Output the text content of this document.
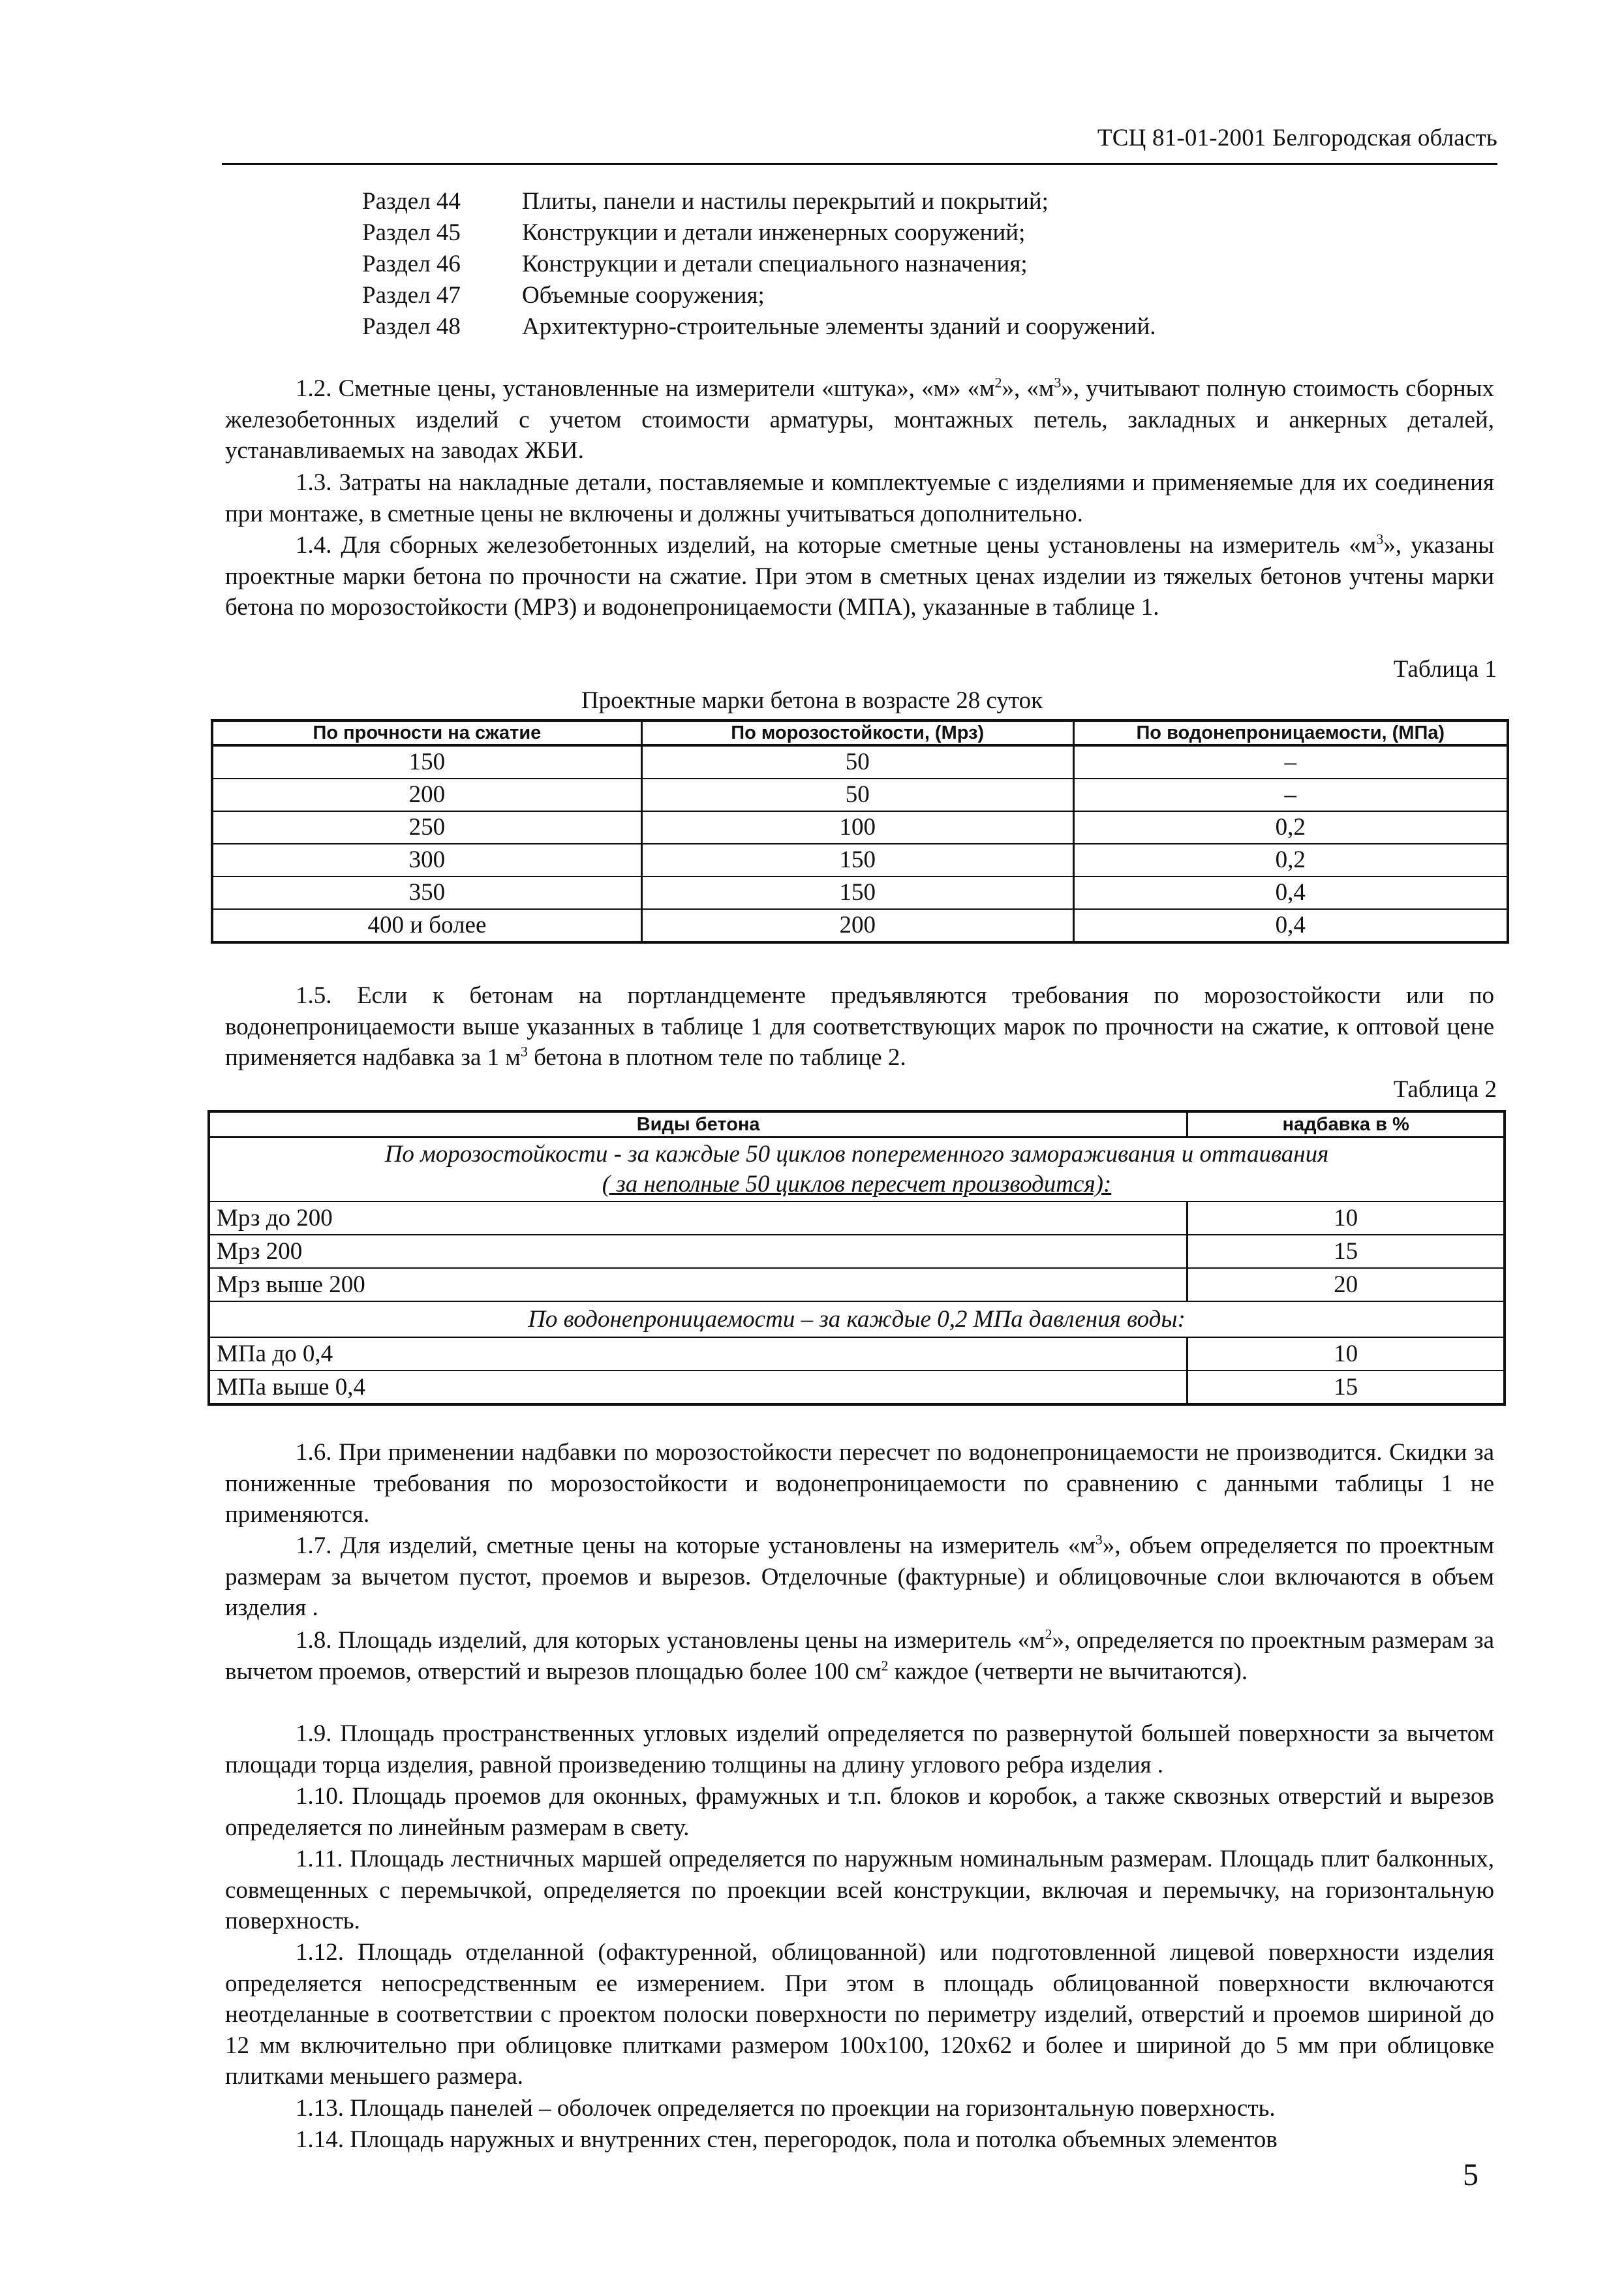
ТСЦ 81-01-2001 Белгородская область
Раздел 44	Плиты, панели и настилы перекрытий и покрытий;
Раздел 45	Конструкции и детали инженерных сооружений;
Раздел 46	Конструкции и детали специального назначения;
Раздел 47	Объемные сооружения;
Раздел 48	Архитектурно-строительные элементы зданий и сооружений.

1.2. Сметные цены, установленные на измерители «штука», «м» «$м^2$», «$м^3$», учитывают полную стоимость сборных железобетонных изделий с учетом стоимости арматуры, монтажных петель, закладных и анкерных деталей, устанавливаемых на заводах ЖБИ.

1.3. Затраты на накладные детали, поставляемые и комплектуемые с изделиями и применяемые для их соединения при монтаже, в сметные цены не включены и должны учитываться дополнительно.

1.4. Для сборных железобетонных изделий, на которые сметные цены установлены на измеритель «$м^3$», указаны проектные марки бетона по прочности на сжатие. При этом в сметных ценах изделии из тяжелых бетонов учтены марки бетона по морозостойкости (МРЗ) и водонепроницаемости (МПА), указанные в таблице 1.

Таблица 1
Проектные марки бетона в возрасте 28 суток
По прочности на сжатие	По морозостойкости, (Мрз)	По водонепроницаемости, (МПа)
150	50	–
200	50	–
250	100	0,2
300	150	0,2
350	150	0,4
400 и более	200	0,4

1.5. Если к бетонам на портландцементе предъявляются требования по морозостойкости или по водонепроницаемости выше указанных в таблице 1 для соответствующих марок по прочности на сжатие, к оптовой цене применяется надбавка за 1 $м^3$ бетона в плотном теле по таблице 2.

Таблица 2
Виды бетона	надбавка в %
По морозостойкости - за каждые 50 циклов попеременного замораживания и оттаивания
( за неполные 50 циклов пересчет производится):	
Мрз до 200	10
Мрз 200	15
Мрз выше 200	20
По водонепроницаемости – за каждые 0,2 МПа давления воды:	
МПа до 0,4	10
МПа выше 0,4	15

1.6. При применении надбавки по морозостойкости пересчет по водонепроницаемости не производится. Скидки за пониженные требования по морозостойкости и водонепроницаемости по сравнению с данными таблицы 1 не применяются.

1.7. Для изделий, сметные цены на которые установлены на измеритель «$м^3$», объем определяется по проектным размерам за вычетом пустот, проемов и вырезов. Отделочные (фактурные) и облицовочные слои включаются в объем изделия .

1.8. Площадь изделий, для которых установлены цены на измеритель «$м^2$», определяется по проектным размерам за вычетом проемов, отверстий и вырезов площадью более 100 $см^2$ каждое (четверти не вычитаются).

1.9. Площадь пространственных угловых изделий определяется по развернутой большей поверхности за вычетом площади торца изделия, равной произведению толщины на длину углового ребра изделия .

1.10. Площадь проемов для оконных, фрамужных и т.п. блоков и коробок, а также сквозных отверстий и вырезов определяется по линейным размерам в свету.

1.11. Площадь лестничных маршей определяется по наружным номинальным размерам. Площадь плит балконных, совмещенных с перемычкой, определяется по проекции всей конструкции, включая и перемычку, на горизонтальную поверхность.

1.12. Площадь отделанной (офактуренной, облицованной) или подготовленной лицевой поверхности изделия определяется непосредственным ее измерением. При этом в площадь облицованной поверхности включаются неотделанные в соответствии с проектом полоски поверхности по периметру изделий, отверстий и проемов шириной до 12 мм включительно при облицовке плитками размером 100х100, 120х62 и более и шириной до 5 мм при облицовке плитками меньшего размера.

1.13. Площадь панелей – оболочек определяется по проекции на горизонтальную поверхность.

1.14. Площадь наружных и внутренних стен, перегородок, пола и потолка объемных элементов

5
